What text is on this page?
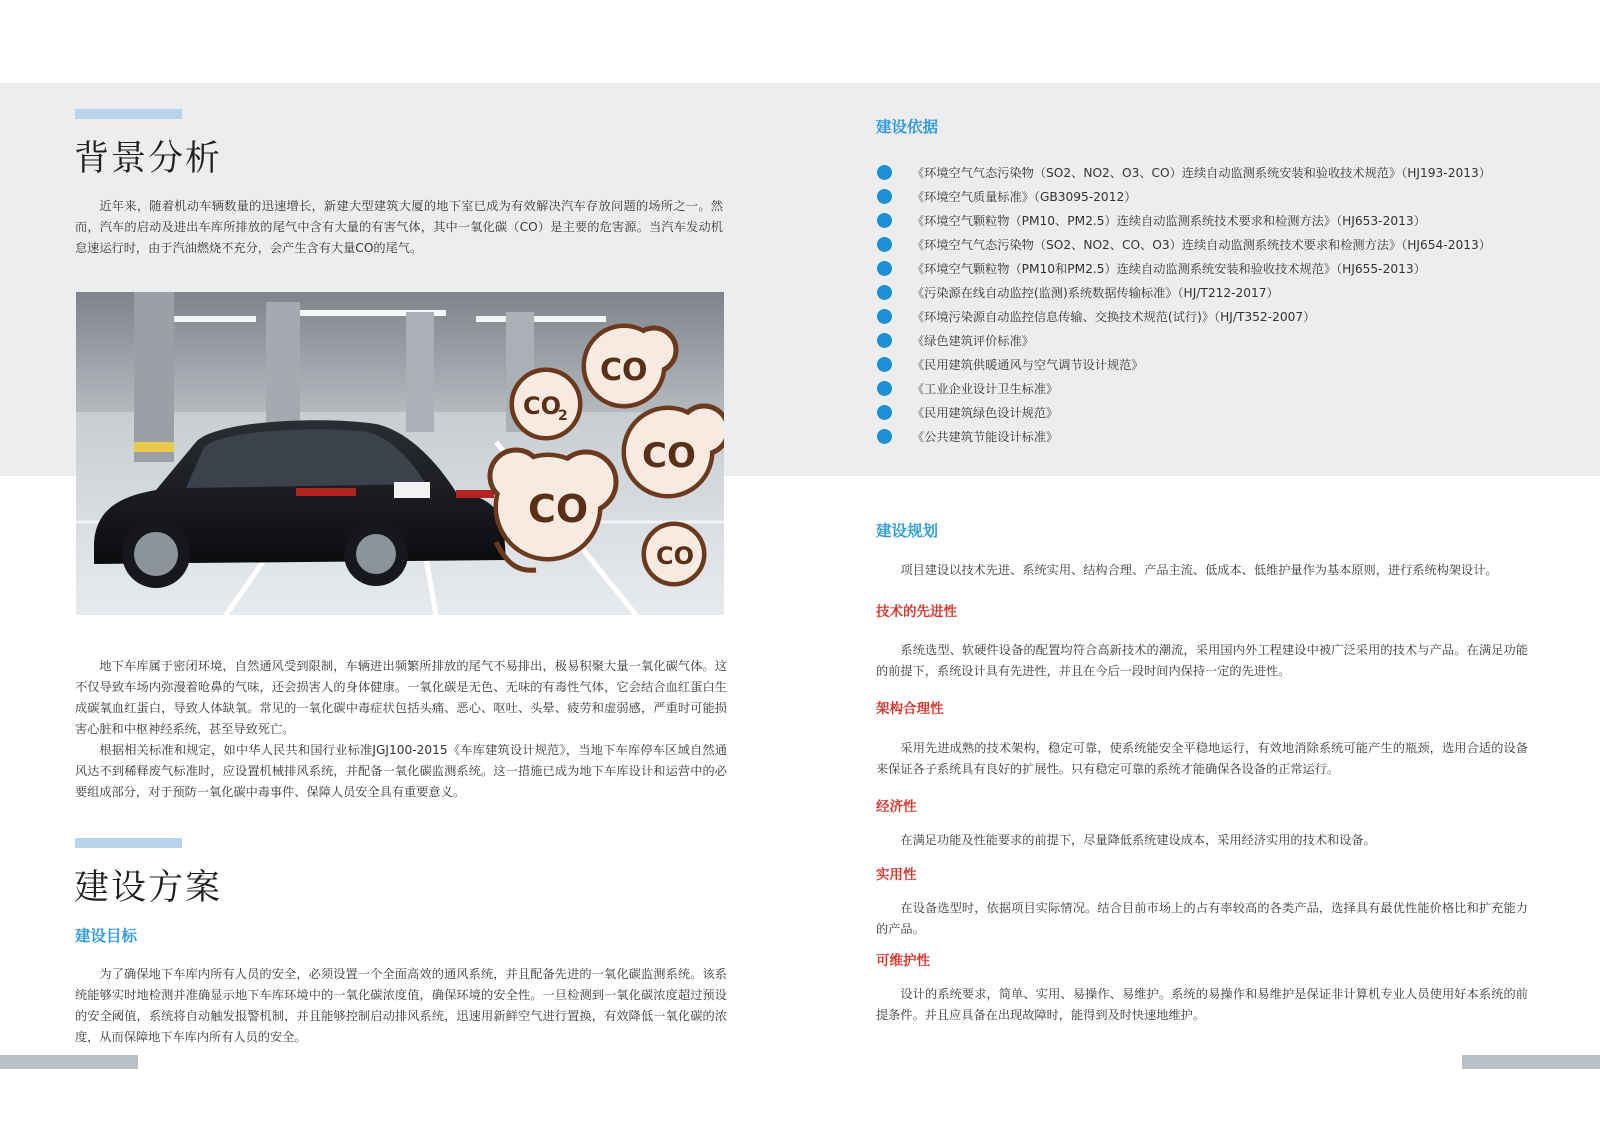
背景分析

近年来，随着机动车辆数量的迅速增长，新建大型建筑大厦的地下室已成为有效解决汽车存放问题的场所之一。然而，汽车的启动及进出车库所排放的尾气中含有大量的有害气体，其中一氧化碳（CO）是主要的危害源。当汽车发动机怠速运行时，由于汽油燃烧不充分，会产生含有大量CO的尾气。

CO
CO
CO
CO
2
CO

地下车库属于密闭环境，自然通风受到限制，车辆进出频繁所排放的尾气不易排出，极易积聚大量一氧化碳气体。这不仅导致车场内弥漫着呛鼻的气味，还会损害人的身体健康。一氧化碳是无色、无味的有毒性气体，它会结合血红蛋白生成碳氧血红蛋白，导致人体缺氧。常见的一氧化碳中毒症状包括头痛、恶心、呕吐、头晕、疲劳和虚弱感，严重时可能损害心脏和中枢神经系统，甚至导致死亡。

根据相关标准和规定，如中华人民共和国行业标准JGJ100-2015《车库建筑设计规范》，当地下车库停车区域自然通风达不到稀释废气标准时，应设置机械排风系统，并配备一氧化碳监测系统。这一措施已成为地下车库设计和运营中的必要组成部分，对于预防一氧化碳中毒事件、保障人员安全具有重要意义。

建设方案
建设目标

为了确保地下车库内所有人员的安全，必须设置一个全面高效的通风系统，并且配备先进的一氧化碳监测系统。该系统能够实时地检测并准确显示地下车库环境中的一氧化碳浓度值，确保环境的安全性。一旦检测到一氧化碳浓度超过预设的安全阈值，系统将自动触发报警机制，并且能够控制启动排风系统，迅速用新鲜空气进行置换，有效降低一氧化碳的浓度，从而保障地下车库内所有人员的安全。

建设依据
《环境空气气态污染物（SO2、NO2、O3、CO）连续自动监测系统安装和验收技术规范》（HJ193-2013）
《环境空气质量标准》（GB3095-2012）
《环境空气颗粒物（PM10、PM2.5）连续自动监测系统技术要求和检测方法》（HJ653-2013）
《环境空气气态污染物（SO2、NO2、CO、O3）连续自动监测系统技术要求和检测方法》（HJ654-2013）
《环境空气颗粒物（PM10和PM2.5）连续自动监测系统安装和验收技术规范》（HJ655-2013）
《污染源在线自动监控(监测)系统数据传输标准》（HJ/T212-2017）
《环境污染源自动监控信息传输、交换技术规范(试行)》（HJ/T352-2007）
《绿色建筑评价标准》
《民用建筑供暖通风与空气调节设计规范》
《工业企业设计卫生标准》
《民用建筑绿色设计规范》
《公共建筑节能设计标准》
建设规划

项目建设以技术先进、系统实用、结构合理、产品主流、低成本、低维护量作为基本原则，进行系统构架设计。

技术的先进性

系统选型、软硬件设备的配置均符合高新技术的潮流，采用国内外工程建设中被广泛采用的技术与产品。在满足功能的前提下，系统设计具有先进性，并且在今后一段时间内保持一定的先进性。

架构合理性

采用先进成熟的技术架构，稳定可靠，使系统能安全平稳地运行，有效地消除系统可能产生的瓶颈，选用合适的设备来保证各子系统具有良好的扩展性。只有稳定可靠的系统才能确保各设备的正常运行。

经济性

在满足功能及性能要求的前提下，尽量降低系统建设成本，采用经济实用的技术和设备。

实用性

在设备选型时，依据项目实际情况。结合目前市场上的占有率较高的各类产品，选择具有最优性能价格比和扩充能力的产品。

可维护性

设计的系统要求，简单、实用、易操作、易维护。系统的易操作和易维护是保证非计算机专业人员使用好本系统的前提条件。并且应具备在出现故障时，能得到及时快速地维护。
